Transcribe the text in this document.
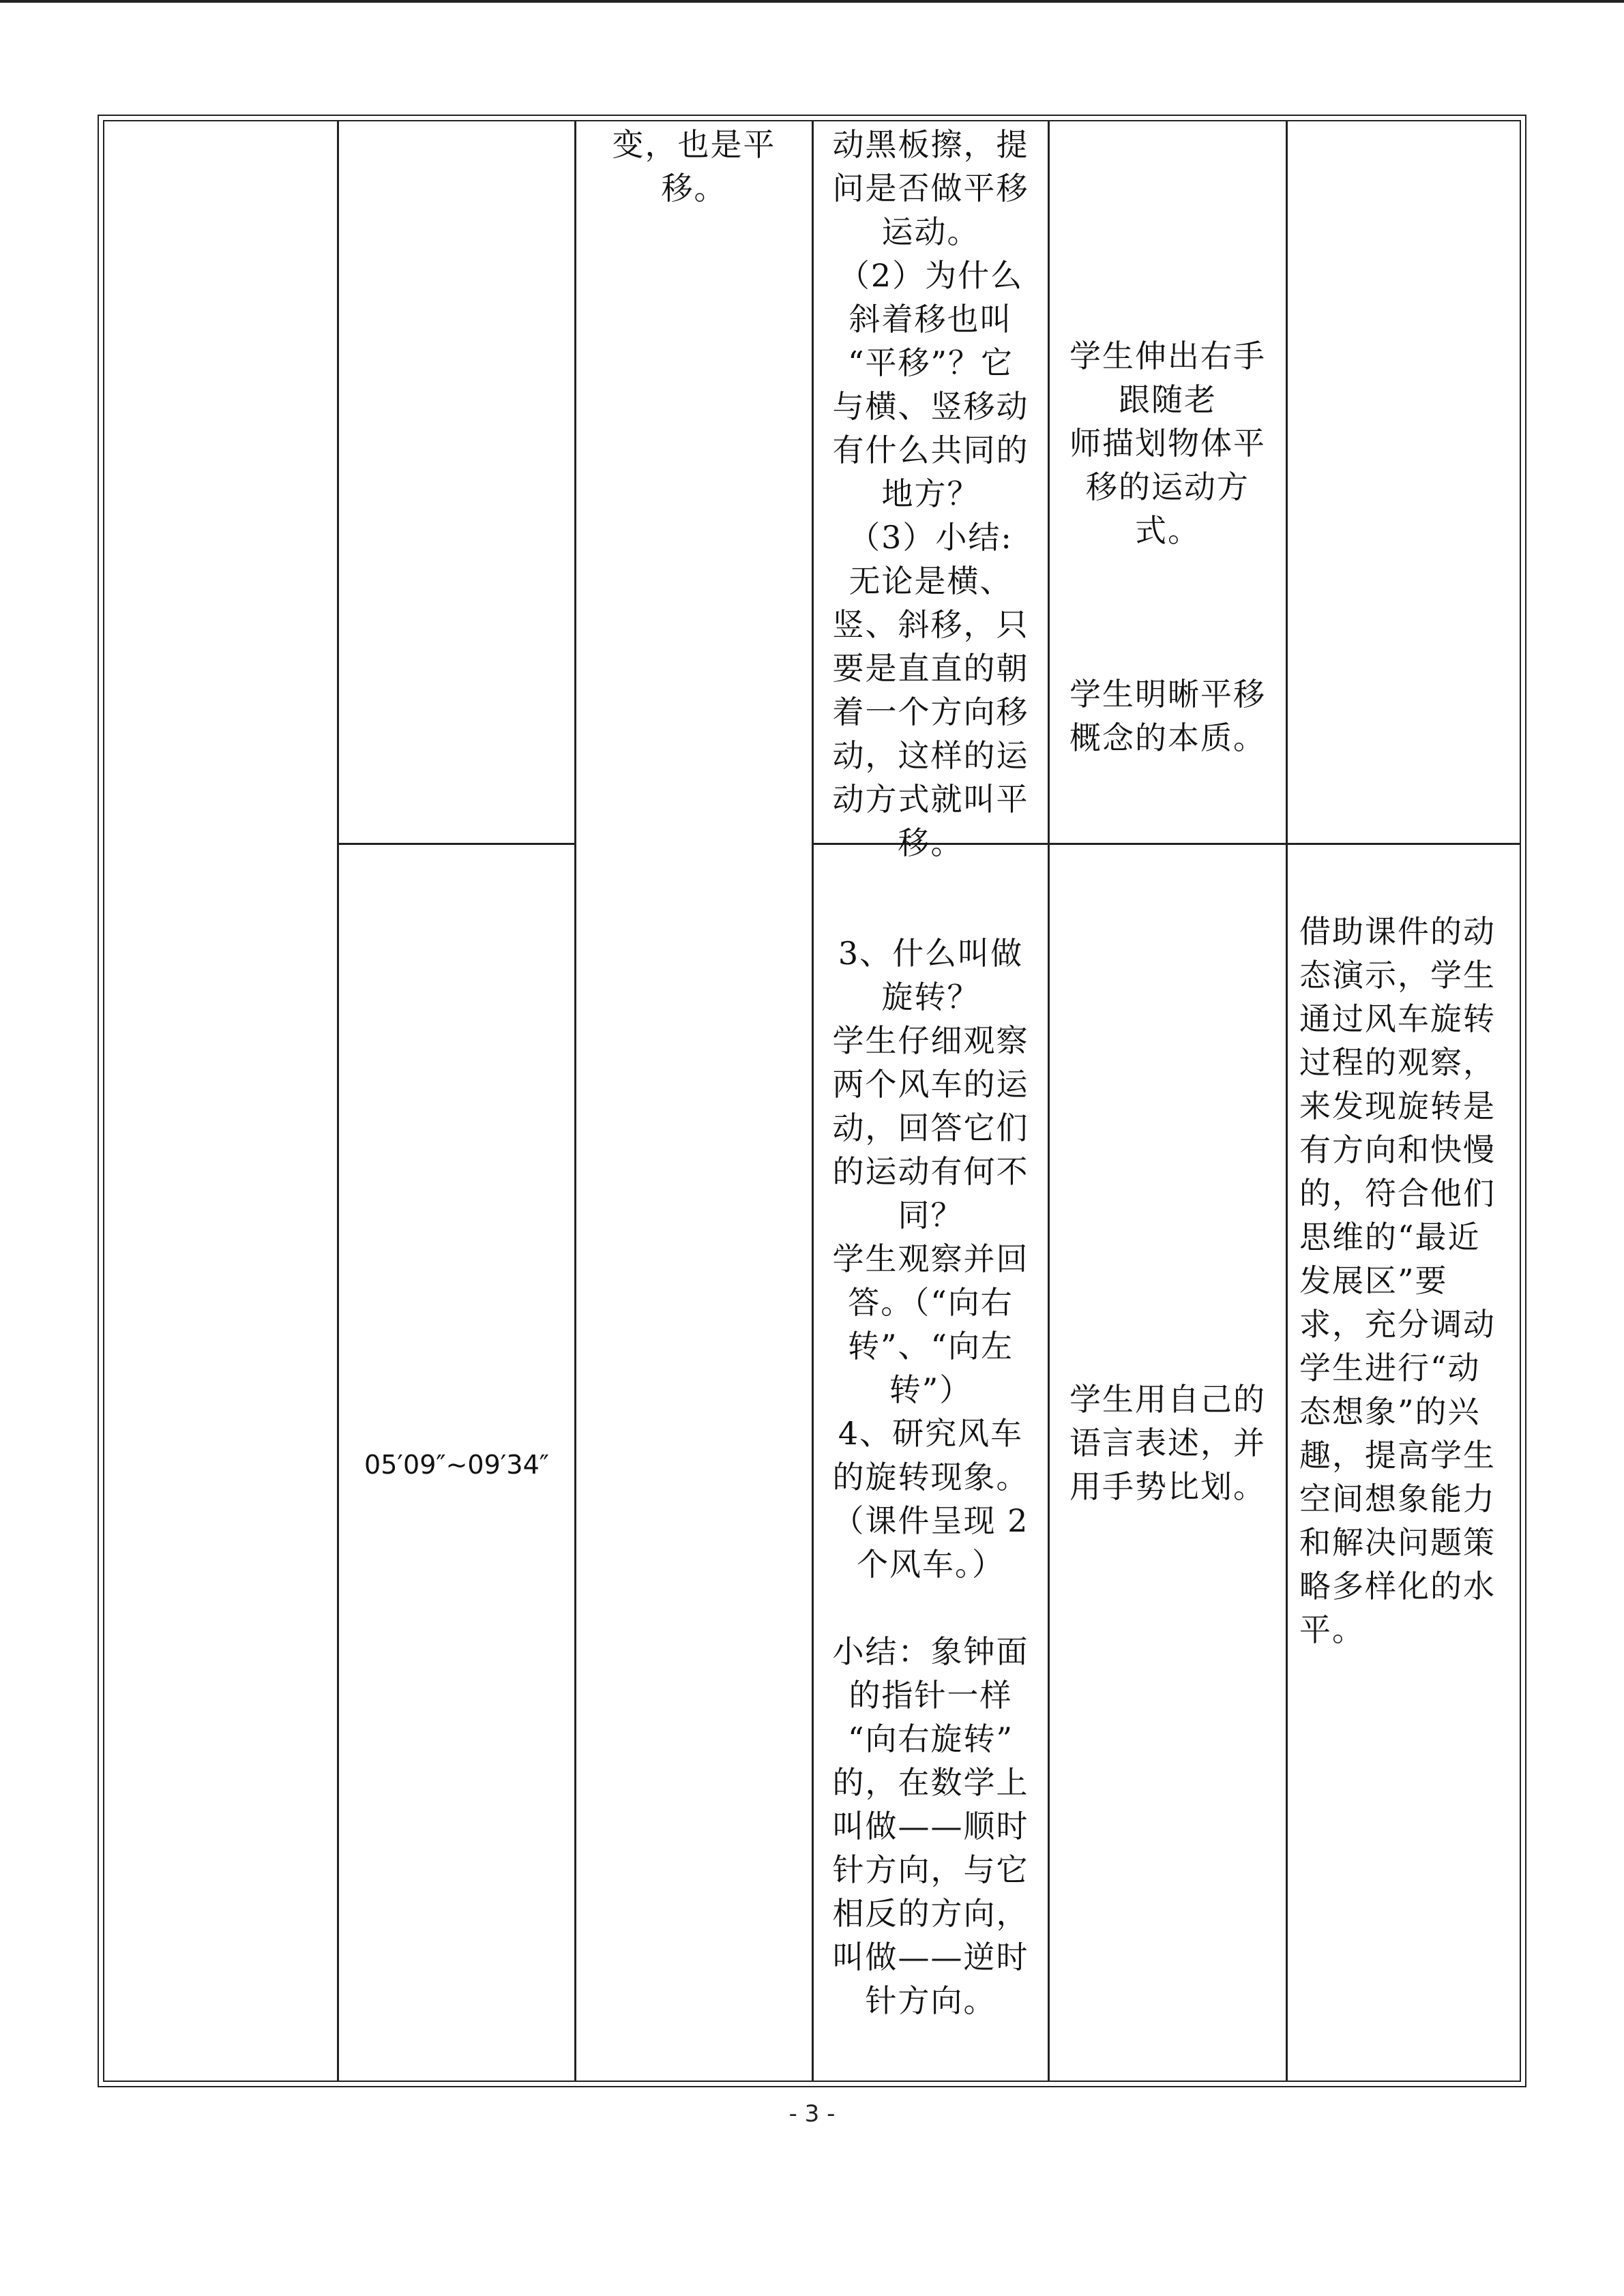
变，也是平
移。
动黑板擦，提
问是否做平移
运动。
（2）为什么
斜着移也叫
“平移”？它
与横、竖移动
有什么共同的
地方？
（3）小结:
无论是横、
竖、斜移，只
要是直直的朝
着一个方向移
动，这样的运
动方式就叫平
移。
学生伸出右手
跟随老
师描划物体平
移的运动方
式。
学生明晰平移
概念的本质。
05′09″~09′34″
3、什么叫做
旋转？
学生仔细观察
两个风车的运
动，回答它们
的运动有何不
同？
学生观察并回
答。（“向右
转”、“向左
转”）
4、研究风车
的旋转现象。
（课件呈现 2
个风车。）

小结：象钟面
的指针一样
“向右旋转”
的，在数学上
叫做——顺时
针方向，与它
相反的方向，
叫做——逆时
针方向。
学生用自己的
语言表述，并
用手势比划。
借助课件的动
态演示，学生
通过风车旋转
过程的观察，
来发现旋转是
有方向和快慢
的，符合他们
思维的“最近
发展区”要
求，充分调动
学生进行“动
态想象”的兴
趣，提高学生
空间想象能力
和解决问题策
略多样化的水
平。
- 3 -
